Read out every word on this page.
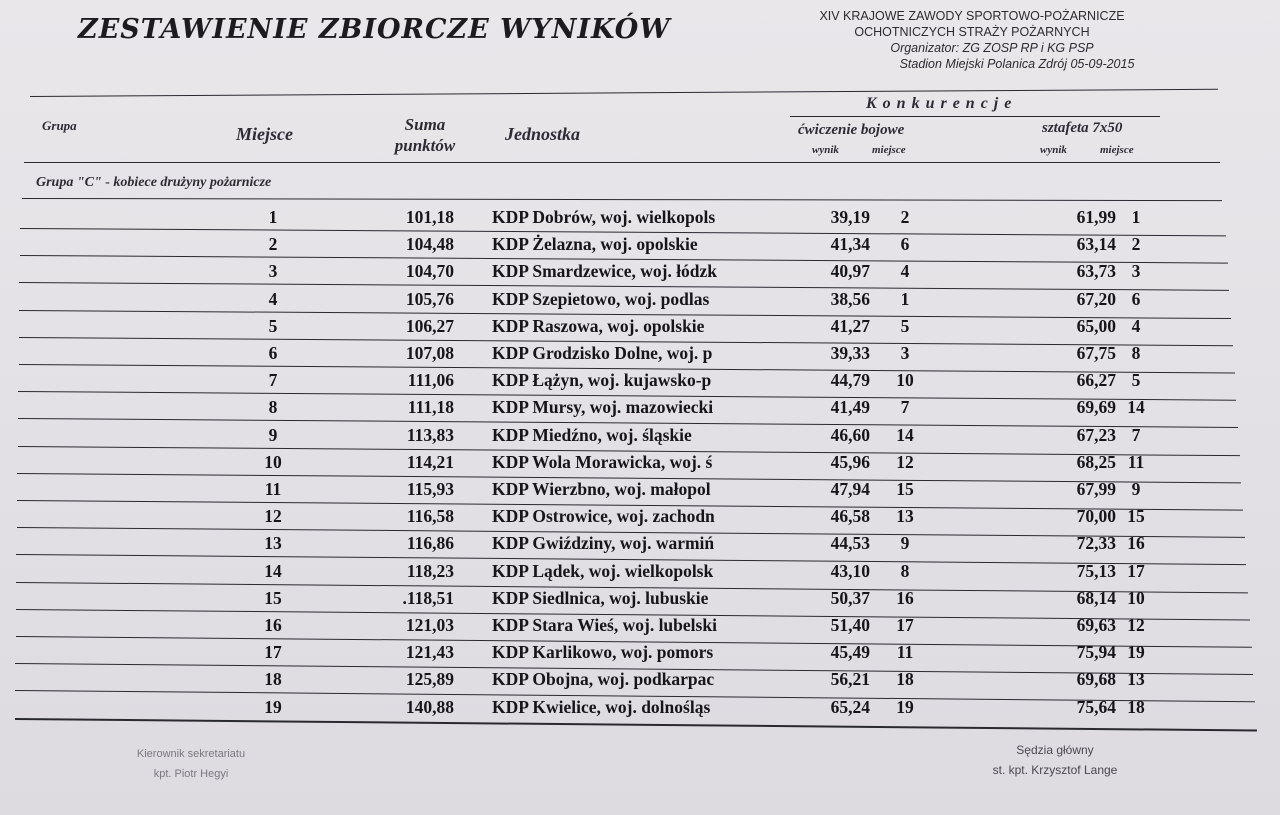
ZESTAWIENIE ZBIORCZE WYNIKÓW	XIV KRAJOWE ZAWODY SPORTOWO-POŻARNICZE
OCHOTNICZYCH STRAŻY POŻARNYCH
Organizator: ZG ZOSP RP i KG PSP
Stadion Miejski Polanica Zdrój 05-09-2015
Grupa	Miejsce	Suma
punktów
Jednostka
Konkurencje
ćwiczenie bojowe	sztafeta 7x50
wynik	miejsce	wynik	miejsce
Grupa "C" - kobiece drużyny pożarnicze
1	101,18 KDP Dobrów, woj. wielkopols	39,19	2	61,99 1
2	104,48 KDP Żelazna, woj. opolskie	41,34	6	63,14 2
3	104,70 KDP Smardzewice, woj. łódzk	40,97	4	63,73 3
4	105,76 KDP Szepietowo, woj. podlas	38,56	1	67,20 6
5	106,27 KDP Raszowa, woj. opolskie	41,27	5	65,00 4
6	107,08 KDP Grodzisko Dolne, woj. p	39,33	3	67,75 8
7	111,06 KDP Łążyn, woj. kujawsko-p	44,79 10	66,27 5
8	111,18 KDP Mursy, woj. mazowiecki	41,49	7	69,69 14
9	113,83 KDP Miedźno, woj. śląskie	46,60 14	67,23 7
10	114,21 KDP Wola Morawicka, woj. ś	45,96 12	68,25 11
11	115,93 KDP Wierzbno, woj. małopol	47,94 15	67,99 9
12	116,58 KDP Ostrowice, woj. zachodn	46,58 13	70,00 15
13	116,86 KDP Gwiździny, woj. warmiń	44,53	9	72,33 16
14	118,23 KDP Lądek, woj. wielkopolsk	43,10	8	75,13 17
15	.118,51 KDP Siedlnica, woj. lubuskie	50,37 16	68,14 10
16	121,03 KDP Stara Wieś, woj. lubelski	51,40 17	69,63 12
17	121,43 KDP Karlikowo, woj. pomors	45,49 11	75,94 19
18	125,89 KDP Obojna, woj. podkarpac	56,21 18	69,68 13
19	140,88 KDP Kwielice, woj. dolnośląs	65,24 19	75,64 18
Kierownik sekretariatu
kpt. Piotr Hegyi
Sędzia główny
st. kpt. Krzysztof Lange
